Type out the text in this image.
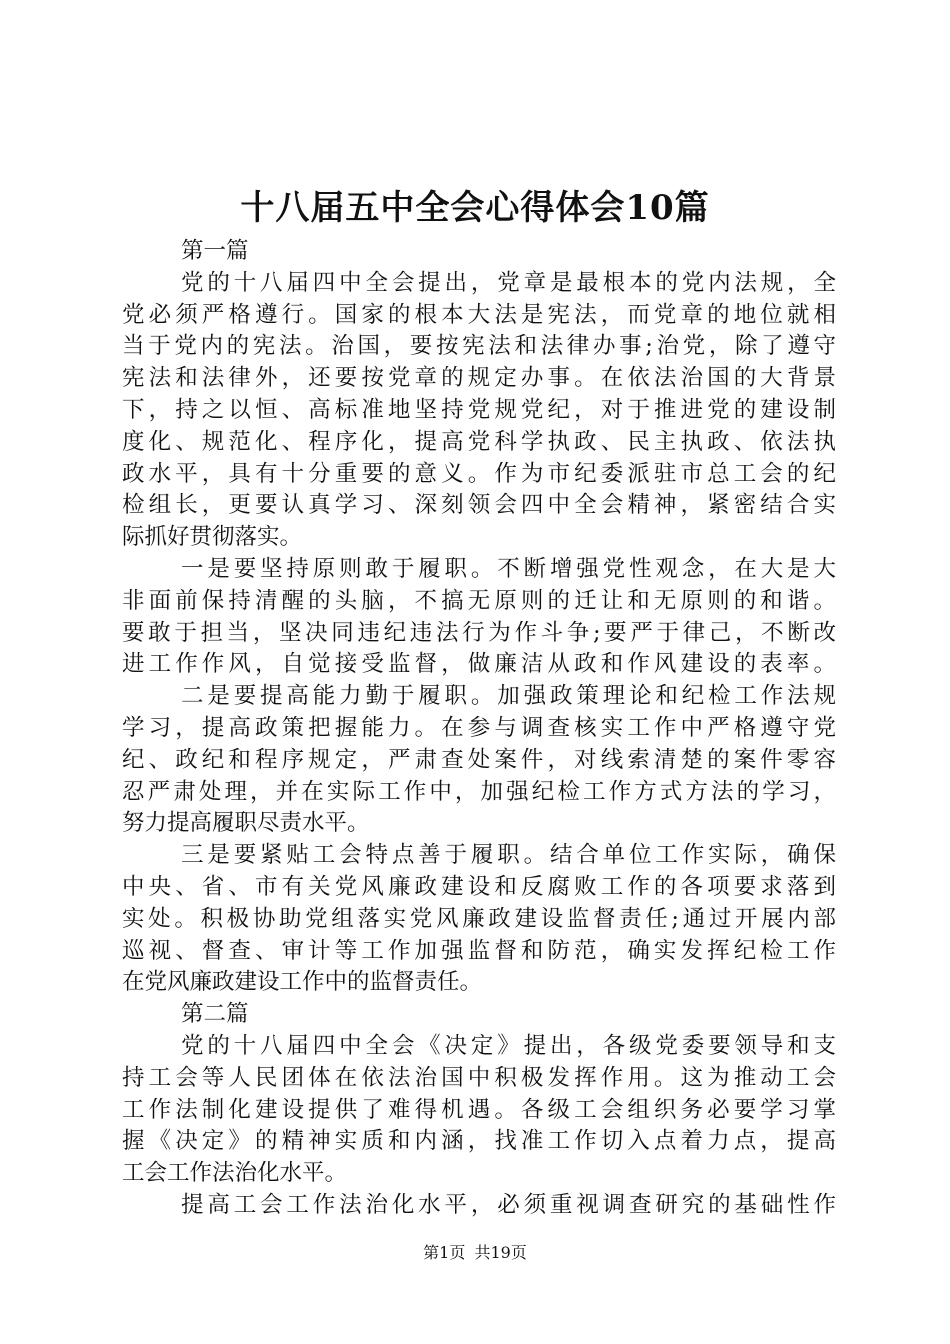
十八届五中全会心得体会10篇
第一篇
党的十八届四中全会提出，党章是最根本的党内法规，全
党必须严格遵行。国家的根本大法是宪法，而党章的地位就相
当于党内的宪法。治国，要按宪法和法律办事;治党，除了遵守
宪法和法律外，还要按党章的规定办事。在依法治国的大背景
下，持之以恒、高标准地坚持党规党纪，对于推进党的建设制
度化、规范化、程序化，提高党科学执政、民主执政、依法执
政水平，具有十分重要的意义。作为市纪委派驻市总工会的纪
检组长，更要认真学习、深刻领会四中全会精神，紧密结合实
际抓好贯彻落实。
一是要坚持原则敢于履职。不断增强党性观念，在大是大
非面前保持清醒的头脑，不搞无原则的迁让和无原则的和谐。
要敢于担当，坚决同违纪违法行为作斗争;要严于律己，不断改
进工作作风，自觉接受监督，做廉洁从政和作风建设的表率。
二是要提高能力勤于履职。加强政策理论和纪检工作法规
学习，提高政策把握能力。在参与调查核实工作中严格遵守党
纪、政纪和程序规定，严肃查处案件，对线索清楚的案件零容
忍严肃处理，并在实际工作中，加强纪检工作方式方法的学习，
努力提高履职尽责水平。
三是要紧贴工会特点善于履职。结合单位工作实际，确保
中央、省、市有关党风廉政建设和反腐败工作的各项要求落到
实处。积极协助党组落实党风廉政建设监督责任;通过开展内部
巡视、督查、审计等工作加强监督和防范，确实发挥纪检工作
在党风廉政建设工作中的监督责任。
第二篇
党的十八届四中全会《决定》提出，各级党委要领导和支
持工会等人民团体在依法治国中积极发挥作用。这为推动工会
工作法制化建设提供了难得机遇。各级工会组织务必要学习掌
握《决定》的精神实质和内涵，找准工作切入点着力点，提高
工会工作法治化水平。
提高工会工作法治化水平，必须重视调查研究的基础性作
第1页 共19页
